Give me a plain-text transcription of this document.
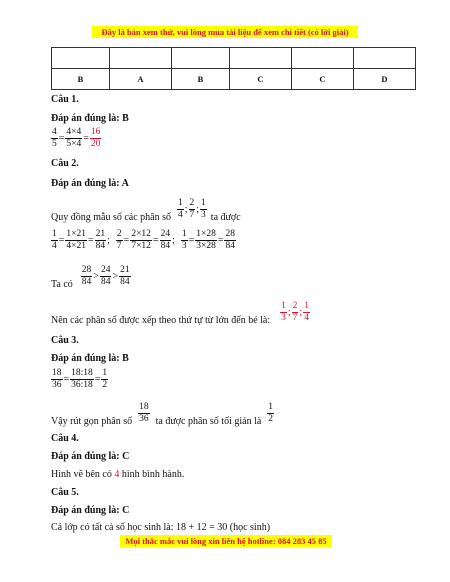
Đây là bản xem thử, vui lòng mua tài liệu để xem chi tiết (có lời giải)

B	A	B	C	C	D
Câu 1.
Đáp án đúng là: B
$\frac{4}{5} = \frac{4\times 4}{5\times 4} = \frac{16}{20}$
Câu 2.
Đáp án đúng là: A
Quy đồng mẫu số các phân số $\frac{1}{4}$ ; $\frac{2}{7}$ ; $\frac{1}{3}$ ta được
$\frac{1}{4} = \frac{1\times 21}{4\times 21} = \frac{21}{84}$ ; $\frac{2}{7} = \frac{2\times 12}{7\times 12} = \frac{24}{84}$ ; $\frac{1}{3} = \frac{1\times 28}{3\times 28} = \frac{28}{84}$
Ta có $\frac{28}{84} > \frac{24}{84} > \frac{21}{84}$
Nên các phân số được xếp theo thứ tự từ lớn đến bé là: $\frac{1}{3}$ ; $\frac{2}{7}$ ; $\frac{1}{4}$
Câu 3.
Đáp án đúng là: B
$\frac{18}{36} = \frac{18:18}{36:18} = \frac{1}{2}$
Vậy rút gọn phân số $\frac{18}{36}$ ta được phân số tối giản là $\frac{1}{2}$
Câu 4.
Đáp án đúng là: C
Hình vẽ bên có 4 hình bình hành.
Câu 5.
Đáp án đúng là: C
Cả lớp có tất cả số học sinh là: 18 + 12 = 30 (học sinh)
Mọi thắc mắc vui lòng xin liên hệ hotline: 084 283 45 85
